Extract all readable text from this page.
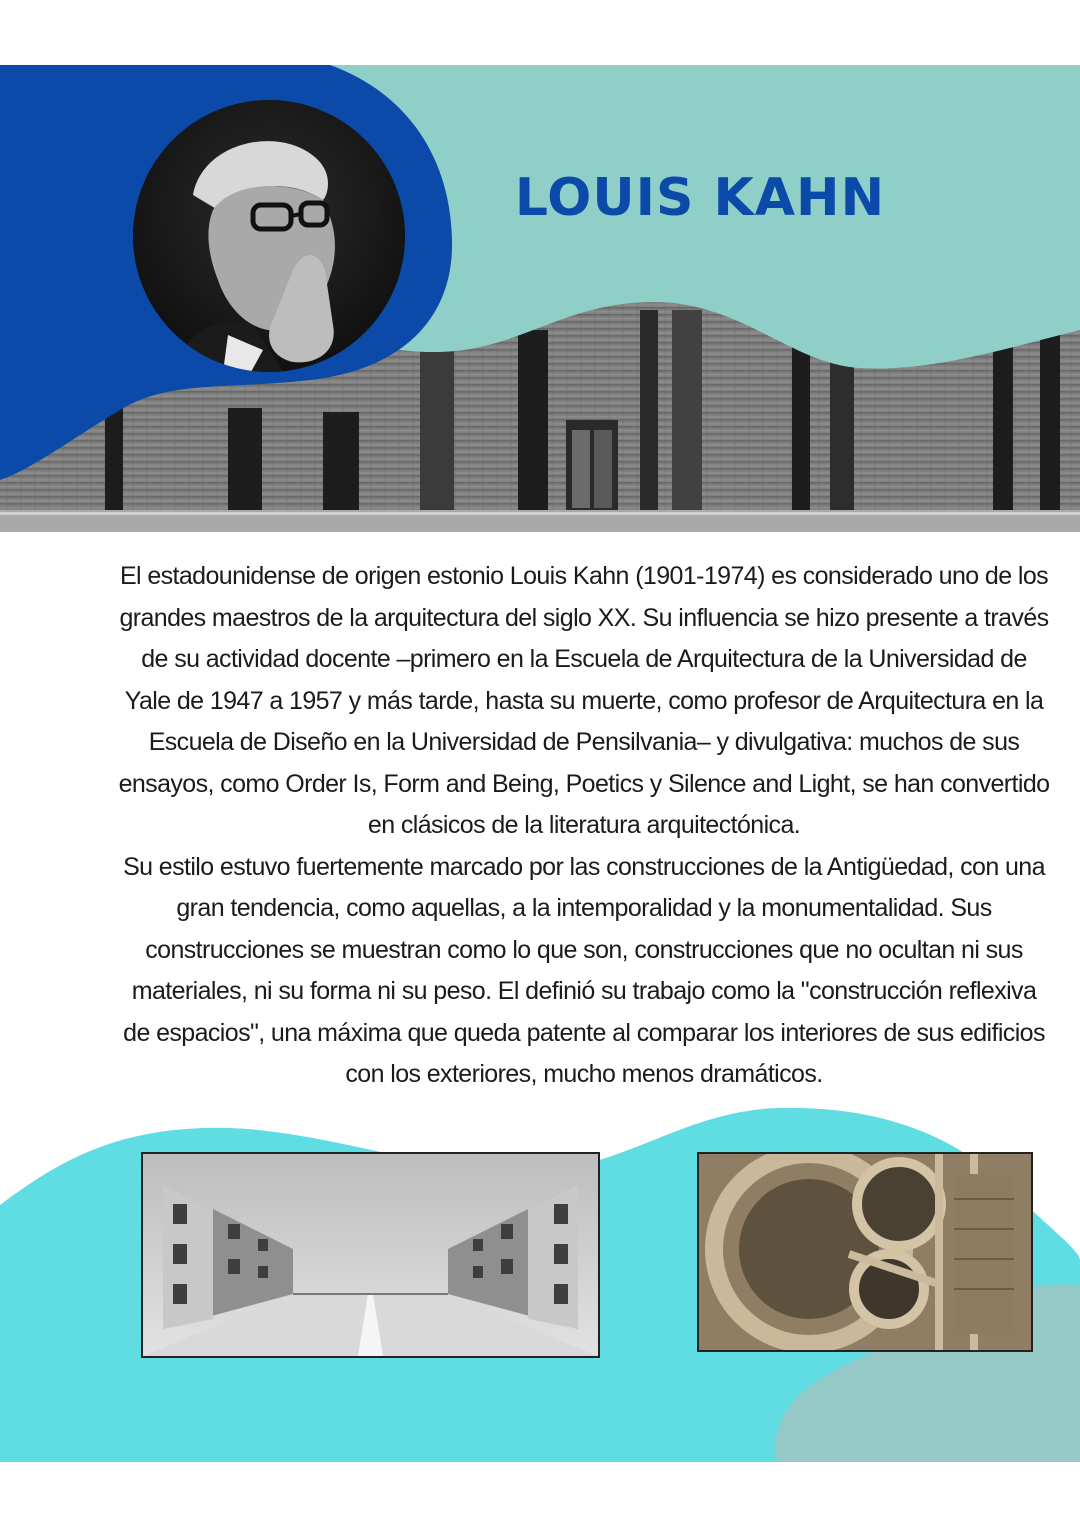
LOUIS KAHN

El estadounidense de origen estonio Louis Kahn (1901-1974) es considerado uno de los grandes maestros de la arquitectura del siglo XX. Su influencia se hizo presente a través de su actividad docente –primero en la Escuela de Arquitectura de la Universidad de Yale de 1947 a 1957 y más tarde, hasta su muerte, como profesor de Arquitectura en la Escuela de Diseño en la Universidad de Pensilvania– y divulgativa: muchos de sus ensayos, como Order Is, Form and Being, Poetics y Silence and Light, se han convertido en clásicos de la literatura arquitectónica.

Su estilo estuvo fuertemente marcado por las construcciones de la Antigüedad, con una gran tendencia, como aquellas, a la intemporalidad y la monumentalidad. Sus construcciones se muestran como lo que son, construcciones que no ocultan ni sus materiales, ni su forma ni su peso. El definió su trabajo como la "construcción reflexiva de espacios", una máxima que queda patente al comparar los interiores de sus edificios con los exteriores, mucho menos dramáticos.
